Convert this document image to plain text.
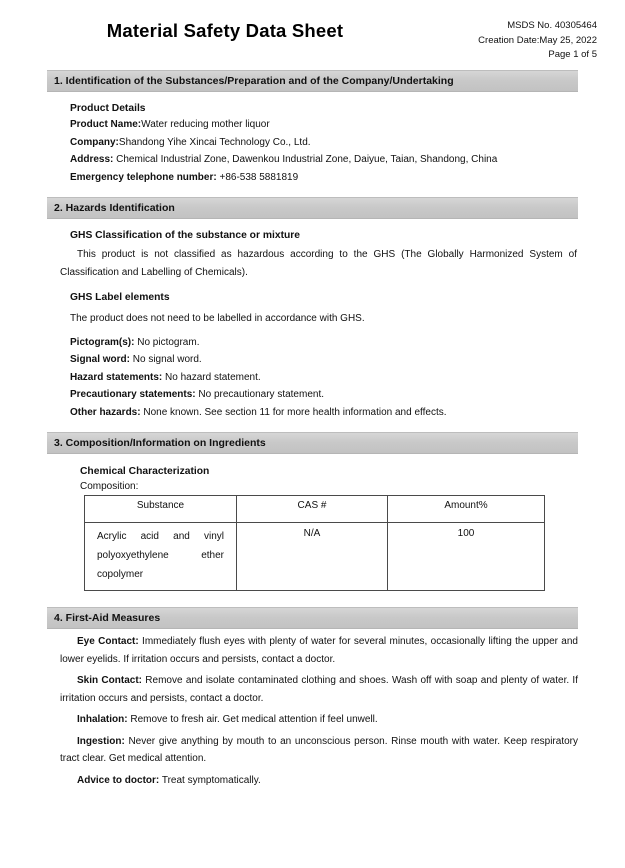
Material Safety Data Sheet	MSDS No. 40305464
Creation Date:May 25, 2022
Page 1 of 5
1. Identification of the Substances/Preparation and of the Company/Undertaking
Product Details
Product Name:Water reducing mother liquor
Company:Shandong Yihe Xincai Technology Co., Ltd.
Address: Chemical Industrial Zone, Dawenkou Industrial Zone, Daiyue, Taian, Shandong, China
Emergency telephone number: +86-538 5881819
2. Hazards Identification
GHS Classification of the substance or mixture
This product is not classified as hazardous according to the GHS (The Globally Harmonized System of Classification and Labelling of Chemicals).
GHS Label elements
The product does not need to be labelled in accordance with GHS.
Pictogram(s): No pictogram.
Signal word: No signal word.
Hazard statements: No hazard statement.
Precautionary statements: No precautionary statement.
Other hazards: None known. See section 11 for more health information and effects.
3. Composition/Information on Ingredients
Chemical Characterization
Composition:
Substance	CAS #	Amount%
Acrylic acid and vinyl polyoxyethylene ether copolymer	N/A	100
4. First-Aid Measures
Eye Contact: Immediately flush eyes with plenty of water for several minutes, occasionally lifting the upper and lower eyelids. If irritation occurs and persists, contact a doctor.
Skin Contact: Remove and isolate contaminated clothing and shoes. Wash off with soap and plenty of water. If irritation occurs and persists, contact a doctor.
Inhalation: Remove to fresh air. Get medical attention if feel unwell.
Ingestion: Never give anything by mouth to an unconscious person. Rinse mouth with water. Keep respiratory tract clear. Get medical attention.
Advice to doctor: Treat symptomatically.
